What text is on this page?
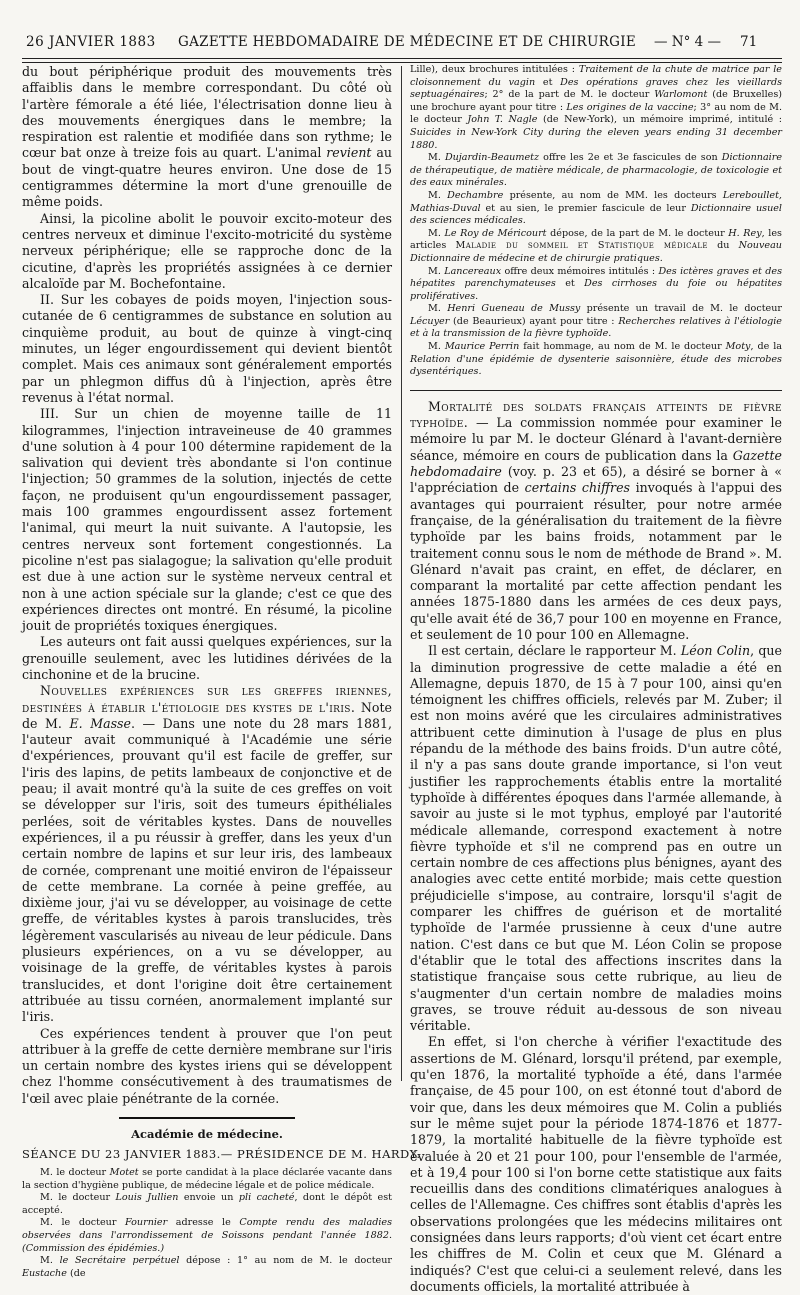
26 JANVIER 1883 GAZETTE HEBDOMADAIRE DE MÉDECINE ET DE CHIRURGIE — N° 4 — 71

du bout périphérique produit des mouvements très affaiblis dans le membre correspondant. Du côté où l'artère fémorale a été liée, l'électrisation donne lieu à des mouvements énergiques dans le membre; la respiration est ralentie et modifiée dans son rythme; le cœur bat onze à treize fois au quart. L'animal revient au bout de vingt-quatre heures environ. Une dose de 15 centigrammes détermine la mort d'une grenouille de même poids.

Ainsi, la picoline abolit le pouvoir excito-moteur des centres nerveux et diminue l'excito-motricité du système nerveux périphérique; elle se rapproche donc de la cicutine, d'après les propriétés assignées à ce dernier alcaloïde par M. Bochefontaine.

II. Sur les cobayes de poids moyen, l'injection sous-cutanée de 6 centigrammes de substance en solution au cinquième produit, au bout de quinze à vingt-cinq minutes, un léger engourdissement qui devient bientôt complet. Mais ces animaux sont généralement emportés par un phlegmon diffus dû à l'injection, après être revenus à l'état normal.

III. Sur un chien de moyenne taille de 11 kilogrammes, l'injection intraveineuse de 40 grammes d'une solution à 4 pour 100 détermine rapidement de la salivation qui devient très abondante si l'on continue l'injection; 50 grammes de la solution, injectés de cette façon, ne produisent qu'un engourdissement passager, mais 100 grammes engourdissent assez fortement l'animal, qui meurt la nuit suivante. A l'autopsie, les centres nerveux sont fortement congestionnés. La picoline n'est pas sialagogue; la salivation qu'elle produit est due à une action sur le système nerveux central et non à une action spéciale sur la glande; c'est ce que des expériences directes ont montré. En résumé, la picoline jouit de propriétés toxiques énergiques.

Les auteurs ont fait aussi quelques expériences, sur la grenouille seulement, avec les lutidines dérivées de la cinchonine et de la brucine.

Nouvelles expériences sur les greffes iriennes, destinées à établir l'étiologie des kystes de l'iris. Note de M. E. Masse. — Dans une note du 28 mars 1881, l'auteur avait communiqué à l'Académie une série d'expériences, prouvant qu'il est facile de greffer, sur l'iris des lapins, de petits lambeaux de conjonctive et de peau; il avait montré qu'à la suite de ces greffes on voit se développer sur l'iris, soit des tumeurs épithéliales perlées, soit de véritables kystes. Dans de nouvelles expériences, il a pu réussir à greffer, dans les yeux d'un certain nombre de lapins et sur leur iris, des lambeaux de cornée, comprenant une moitié environ de l'épaisseur de cette membrane. La cornée à peine greffée, au dixième jour, j'ai vu se développer, au voisinage de cette greffe, de véritables kystes à parois translucides, très légèrement vascularisés au niveau de leur pédicule. Dans plusieurs expériences, on a vu se développer, au voisinage de la greffe, de véritables kystes à parois translucides, et dont l'origine doit être certainement attribuée au tissu cornéen, anormalement implanté sur l'iris.

Ces expériences tendent à prouver que l'on peut attribuer à la greffe de cette dernière membrane sur l'iris un certain nombre des kystes iriens qui se développent chez l'homme consécutivement à des traumatismes de l'œil avec plaie pénétrante de la cornée.

Académie de médecine.
SÉANCE DU 23 JANVIER 1883.— PRÉSIDENCE DE M. HARDY.

M. le docteur Motet se porte candidat à la place déclarée vacante dans la section d'hygiène publique, de médecine légale et de police médicale.

M. le docteur Louis Jullien envoie un pli cacheté, dont le dépôt est accepté.

M. le docteur Fournier adresse le Compte rendu des maladies observées dans l'arrondissement de Soissons pendant l'année 1882. (Commission des épidémies.)

M. le Secrétaire perpétuel dépose : 1° au nom de M. le docteur Eustache (de

Lille), deux brochures intitulées : Traitement de la chute de matrice par le cloisonnement du vagin et Des opérations graves chez les vieillards septuagénaires; 2° de la part de M. le docteur Warlomont (de Bruxelles) une brochure ayant pour titre : Les origines de la vaccine; 3° au nom de M. le docteur John T. Nagle (de New-York), un mémoire imprimé, intitulé : Suicides in New-York City during the eleven years ending 31 december 1880.

M. Dujardin-Beaumetz offre les 2e et 3e fascicules de son Dictionnaire de thérapeutique, de matière médicale, de pharmacologie, de toxicologie et des eaux minérales.

M. Dechambre présente, au nom de MM. les docteurs Lereboullet, Mathias-Duval et au sien, le premier fascicule de leur Dictionnaire usuel des sciences médicales.

M. Le Roy de Méricourt dépose, de la part de M. le docteur H. Rey, les articles Maladie du sommeil et Statistique médicale du Nouveau Dictionnaire de médecine et de chirurgie pratiques.

M. Lancereaux offre deux mémoires intitulés : Des ictères graves et des hépatites parenchymateuses et Des cirrhoses du foie ou hépatites prolifératives.

M. Henri Gueneau de Mussy présente un travail de M. le docteur Lécuyer (de Beaurieux) ayant pour titre : Recherches relatives à l'étiologie et à la transmission de la fièvre typhoïde.

M. Maurice Perrin fait hommage, au nom de M. le docteur Moty, de la Relation d'une épidémie de dysenterie saisonnière, étude des microbes dysentériques.

Mortalité des soldats français atteints de fièvre typhoïde. — La commission nommée pour examiner le mémoire lu par M. le docteur Glénard à l'avant-dernière séance, mémoire en cours de publication dans la Gazette hebdomadaire (voy. p. 23 et 65), a désiré se borner à « l'appréciation de certains chiffres invoqués à l'appui des avantages qui pourraient résulter, pour notre armée française, de la généralisation du traitement de la fièvre typhoïde par les bains froids, notamment par le traitement connu sous le nom de méthode de Brand ». M. Glénard n'avait pas craint, en effet, de déclarer, en comparant la mortalité par cette affection pendant les années 1875-1880 dans les armées de ces deux pays, qu'elle avait été de 36,7 pour 100 en moyenne en France, et seulement de 10 pour 100 en Allemagne.

Il est certain, déclare le rapporteur M. Léon Colin, que la diminution progressive de cette maladie a été en Allemagne, depuis 1870, de 15 à 7 pour 100, ainsi qu'en témoignent les chiffres officiels, relevés par M. Zuber; il est non moins avéré que les circulaires administratives attribuent cette diminution à l'usage de plus en plus répandu de la méthode des bains froids. D'un autre côté, il n'y a pas sans doute grande importance, si l'on veut justifier les rapprochements établis entre la mortalité typhoïde à différentes époques dans l'armée allemande, à savoir au juste si le mot typhus, employé par l'autorité médicale allemande, correspond exactement à notre fièvre typhoïde et s'il ne comprend pas en outre un certain nombre de ces affections plus bénignes, ayant des analogies avec cette entité morbide; mais cette question préjudicielle s'impose, au contraire, lorsqu'il s'agit de comparer les chiffres de guérison et de mortalité typhoïde de l'armée prussienne à ceux d'une autre nation. C'est dans ce but que M. Léon Colin se propose d'établir que le total des affections inscrites dans la statistique française sous cette rubrique, au lieu de s'augmenter d'un certain nombre de maladies moins graves, se trouve réduit au-dessous de son niveau véritable.

En effet, si l'on cherche à vérifier l'exactitude des assertions de M. Glénard, lorsqu'il prétend, par exemple, qu'en 1876, la mortalité typhoïde a été, dans l'armée française, de 45 pour 100, on est étonné tout d'abord de voir que, dans les deux mémoires que M. Colin a publiés sur le même sujet pour la période 1874-1876 et 1877-1879, la mortalité habituelle de la fièvre typhoïde est évaluée à 20 et 21 pour 100, pour l'ensemble de l'armée, et à 19,4 pour 100 si l'on borne cette statistique aux faits recueillis dans des conditions climatériques analogues à celles de l'Allemagne. Ces chiffres sont établis d'après les observations prolongées que les médecins militaires ont consignées dans leurs rapports; d'où vient cet écart entre les chiffres de M. Colin et ceux que M. Glénard a indiqués? C'est que celui-ci a seulement relevé, dans les documents officiels, la mortalité attribuée à
